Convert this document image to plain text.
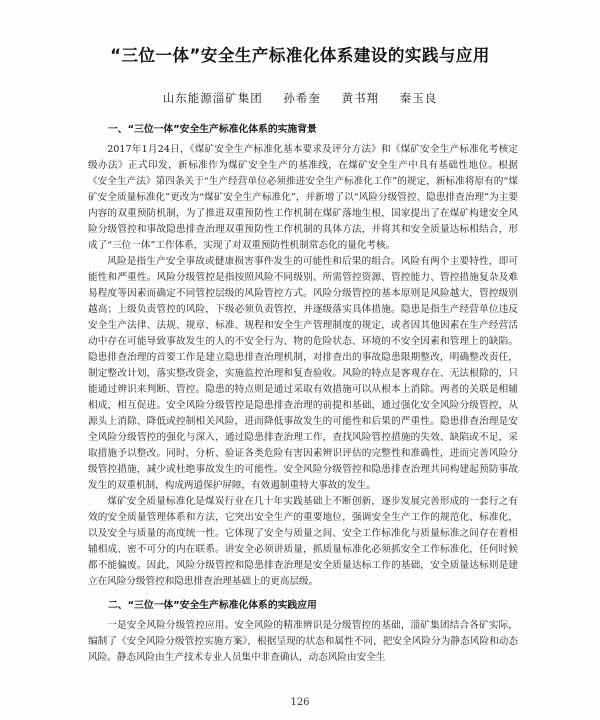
“三位一体”安全生产标准化体系建设的实践与应用
山东能源淄矿集团 孙希奎 黄书翔 秦玉良
一、“三位一体”安全生产标准化体系的实施背景

2017年1月24日，《煤矿安全生产标准化基本要求及评分方法》和《煤矿安全生产标准化考核定级办法》正式印发，新标准作为煤矿安全生产的基准线，在煤矿安全生产中具有基础性地位。根据《安全生产法》第四条关于“生产经营单位必须推进安全生产标准化工作”的规定，新标准将原有的“煤矿安全质量标准化”更改为“煤矿安全生产标准化”，并新增了以“风险分级管控、隐患排查治理”为主要内容的双重预防机制，为了推进双重预防性工作机制在煤矿落地生根，国家提出了在煤矿构建安全风险分级管控和事故隐患排查治理双重预防性工作机制的具体方法，并将其和安全质量达标相结合，形成了“三位一体”工作体系，实现了对双重预防性机制常态化的量化考核。

风险是指生产安全事故或健康损害事件发生的可能性和后果的组合。风险有两个主要特性，即可能性和严重性。风险分级管控是指按照风险不同级别、所需管控资源、管控能力、管控措施复杂及难易程度等因素而确定不同管控层级的风险管控方式。风险分级管控的基本原则是风险越大，管控级别越高；上级负责管控的风险，下级必须负责管控，并逐级落实具体措施。隐患是指生产经营单位违反安全生产法律、法规、规章、标准、规程和安全生产管理制度的规定，或者因其他因素在生产经营活动中存在可能导致事故发生的人的不安全行为、物的危险状态、环境的不安全因素和管理上的缺陷。隐患排查治理的首要工作是建立隐患排查治理机制，对排查出的事故隐患限期整改，明确整改责任，制定整改计划，落实整改资金，实施监控治理和复查验收。风险的特点是客观存在、无法根除的，只能通过辨识来判断、管控。隐患的特点则是通过采取有效措施可以从根本上消除。两者的关联是相辅相成，相互促进。安全风险分级管控是隐患排查治理的前提和基础，通过强化安全风险分级管控，从源头上消除、降低或控制相关风险，进而降低事故发生的可能性和后果的严重性。隐患排查治理是安全风险分级管控的强化与深入，通过隐患排查治理工作，查找风险管控措施的失效、缺陷或不足，采取措施予以整改。同时，分析、验证各类危险有害因素辨识评估的完整性和准确性，进而完善风险分级管控措施，减少或杜绝事故发生的可能性。安全风险分级管控和隐患排查治理共同构建起预防事故发生的双重机制，构成两道保护屏障，有效遏制重特大事故的发生。

煤矿安全质量标准化是煤炭行业在几十年实践基础上不断创新，逐步发展完善形成的一套行之有效的安全质量管理体系和方法，它突出安全生产的重要地位，强调安全生产工作的规范化、标准化，以及安全与质量的高度统一性。它体现了安全与质量之间、安全工作标准化与质量标准之间存在着相辅相成、密不可分的内在联系。讲安全必须讲质量，抓质量标准化必须抓安全工作标准化，任何时候都不能偏废。因此，风险分级管控和隐患排查治理是安全质量达标工作的基础，安全质量达标则是建立在风险分级管控和隐患排查治理基础上的更高层级。

二、“三位一体”安全生产标准化体系的实践应用

一是安全风险分级管控应用。安全风险的精准辨识是分级管控的基础，淄矿集团结合各矿实际，编制了《安全风险分级管控实施方案》，根据呈现的状态和属性不同，把安全风险分为静态风险和动态风险。静态风险由生产技术专业人员集中非查确认，动态风险由安全生

126
